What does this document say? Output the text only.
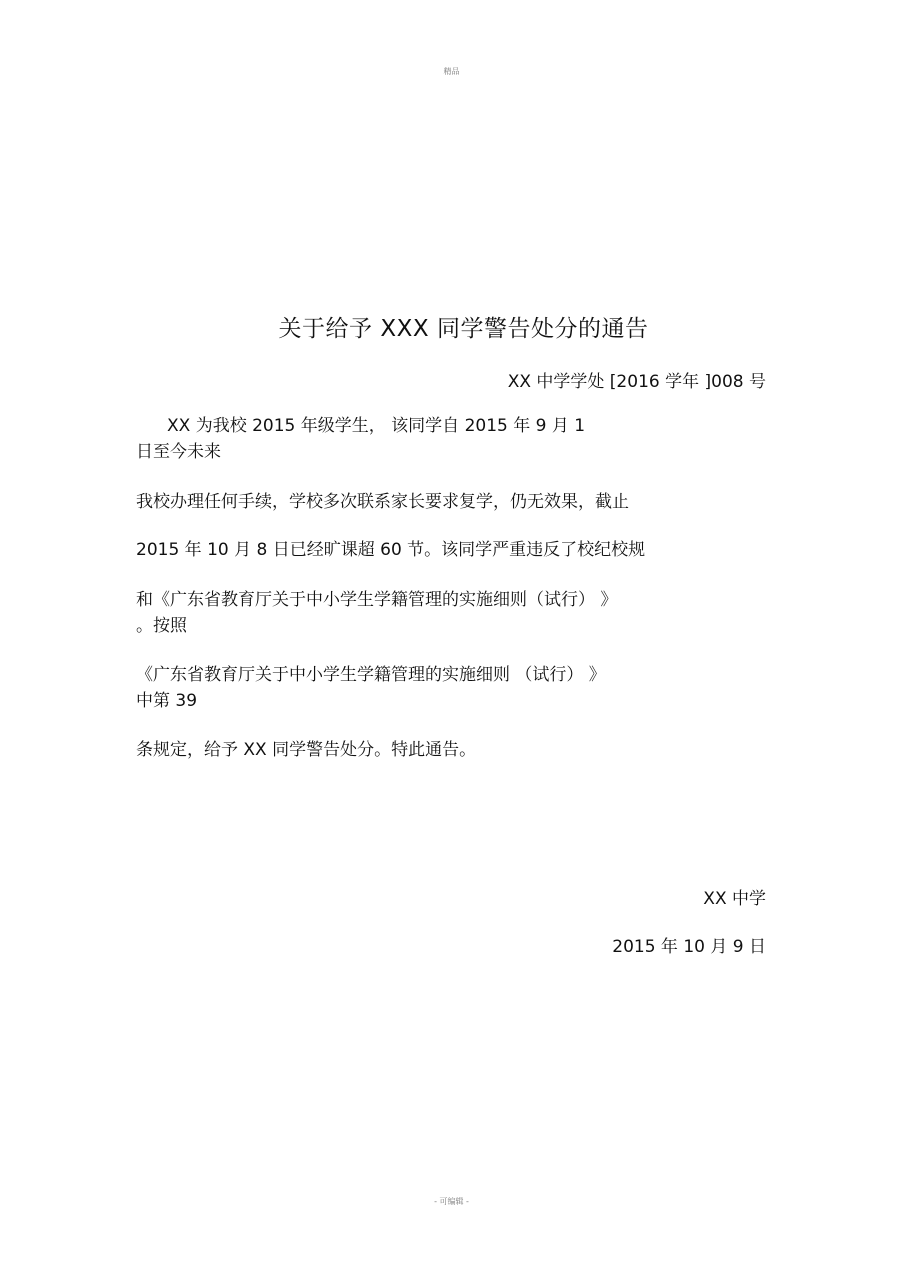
精品
关于给予 XXX 同学警告处分的通告
XX 中学学处 [2016 学年 ]008 号
XX 为我校 2015 年级学生， 该同学自 2015 年 9 月 1
日至今未来
我校办理任何手续，学校多次联系家长要求复学，仍无效果，截止
2015 年 10 月 8 日已经旷课超 60 节。该同学严重违反了校纪校规
和《广东省教育厅关于中小学生学籍管理的实施细则（试行） 》
。按照
《广东省教育厅关于中小学生学籍管理的实施细则 （试行） 》
中第 39
条规定，给予 XX 同学警告处分。特此通告。
XX 中学
2015 年 10 月 9 日
- 可编辑 -
